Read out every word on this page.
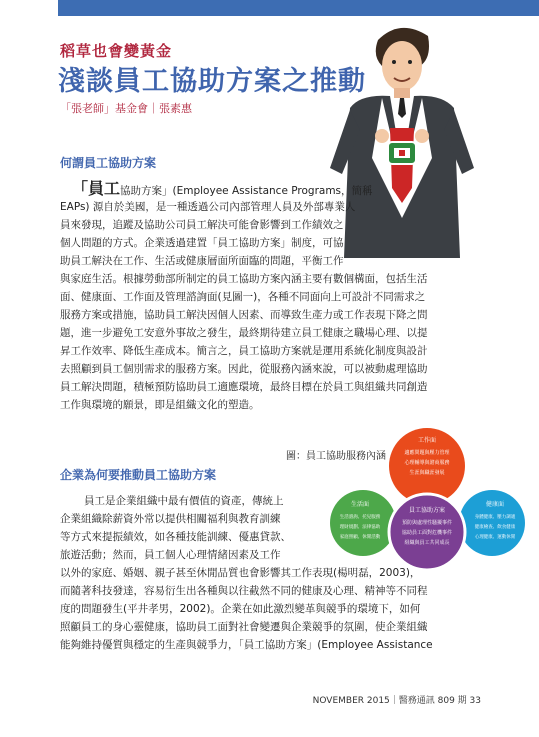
稻草也會變黃金
淺談員工協助方案之推動
「張老師」基金會｜張素惠
何謂員工協助方案
「員工協助方案」(Employee Assistance Programs，簡稱
EAPs) 源自於美國，是一種透過公司內部管理人員及外部專業人
員來發現，追蹤及協助公司員工解決可能會影響到工作績效之
個人問題的方式。企業透過建置「員工協助方案」制度，可協
助員工解決在工作、生活或健康層面所面臨的問題，平衡工作
與家庭生活。根據勞動部所制定的員工協助方案內涵主要有數個構面，包括生活
面、健康面、工作面及管理諮詢面(見圖一)，各種不同面向上可設計不同需求之
服務方案或措施，協助員工解決因個人因素、而導致生產力或工作表現下降之問
題，進一步避免工安意外事故之發生，最終期待建立員工健康之職場心理、以提
昇工作效率、降低生產成本。簡言之，員工協助方案就是運用系統化制度與設計
去照顧到員工個別需求的服務方案。因此，從服務內涵來說，可以被動處理協助
員工解決問題，積極預防協助員工適應環境，最終目標在於員工與組織共同創造
工作與環境的願景，即是組織文化的塑造。
圖：員工協助服務內涵
工作面
適應問題與壓力管理
心理輔導與諮商服務
生涯與職涯發展
員工協助方案
預防與處理性騷擾事件
協助員工面對危機事件
組織與員工共同成長
生活面
生活諮詢、托兒服務
理財規劃、法律協助
家庭照顧、休閒活動
健康面
身體健康、壓力調適
健康檢查、飲食健康
心理健康、運動休閒
企業為何要推動員工協助方案
員工是企業組織中最有價值的資產，傳統上
企業組織除薪資外常以提供相關福利與教育訓練
等方式來提振績效，如各種技能訓練、優惠貸款、
旅遊活動；然而，員工個人心理情緒因素及工作
以外的家庭、婚姻、親子甚至休閒品質也會影響其工作表現(楊明磊，2003)，
而隨著科技發達，容易衍生出各種與以往截然不同的健康及心理、精神等不同程
度的問題發生(平井孝男，2002)。企業在如此激烈變革與競爭的環境下，如何
照顧員工的身心靈健康，協助員工面對社會變遷與企業競爭的氛圍，使企業組織
能夠維持優質與穩定的生產與競爭力，「員工協助方案」(Employee Assistance
NOVEMBER 2015｜醫務通訊 809 期 33
